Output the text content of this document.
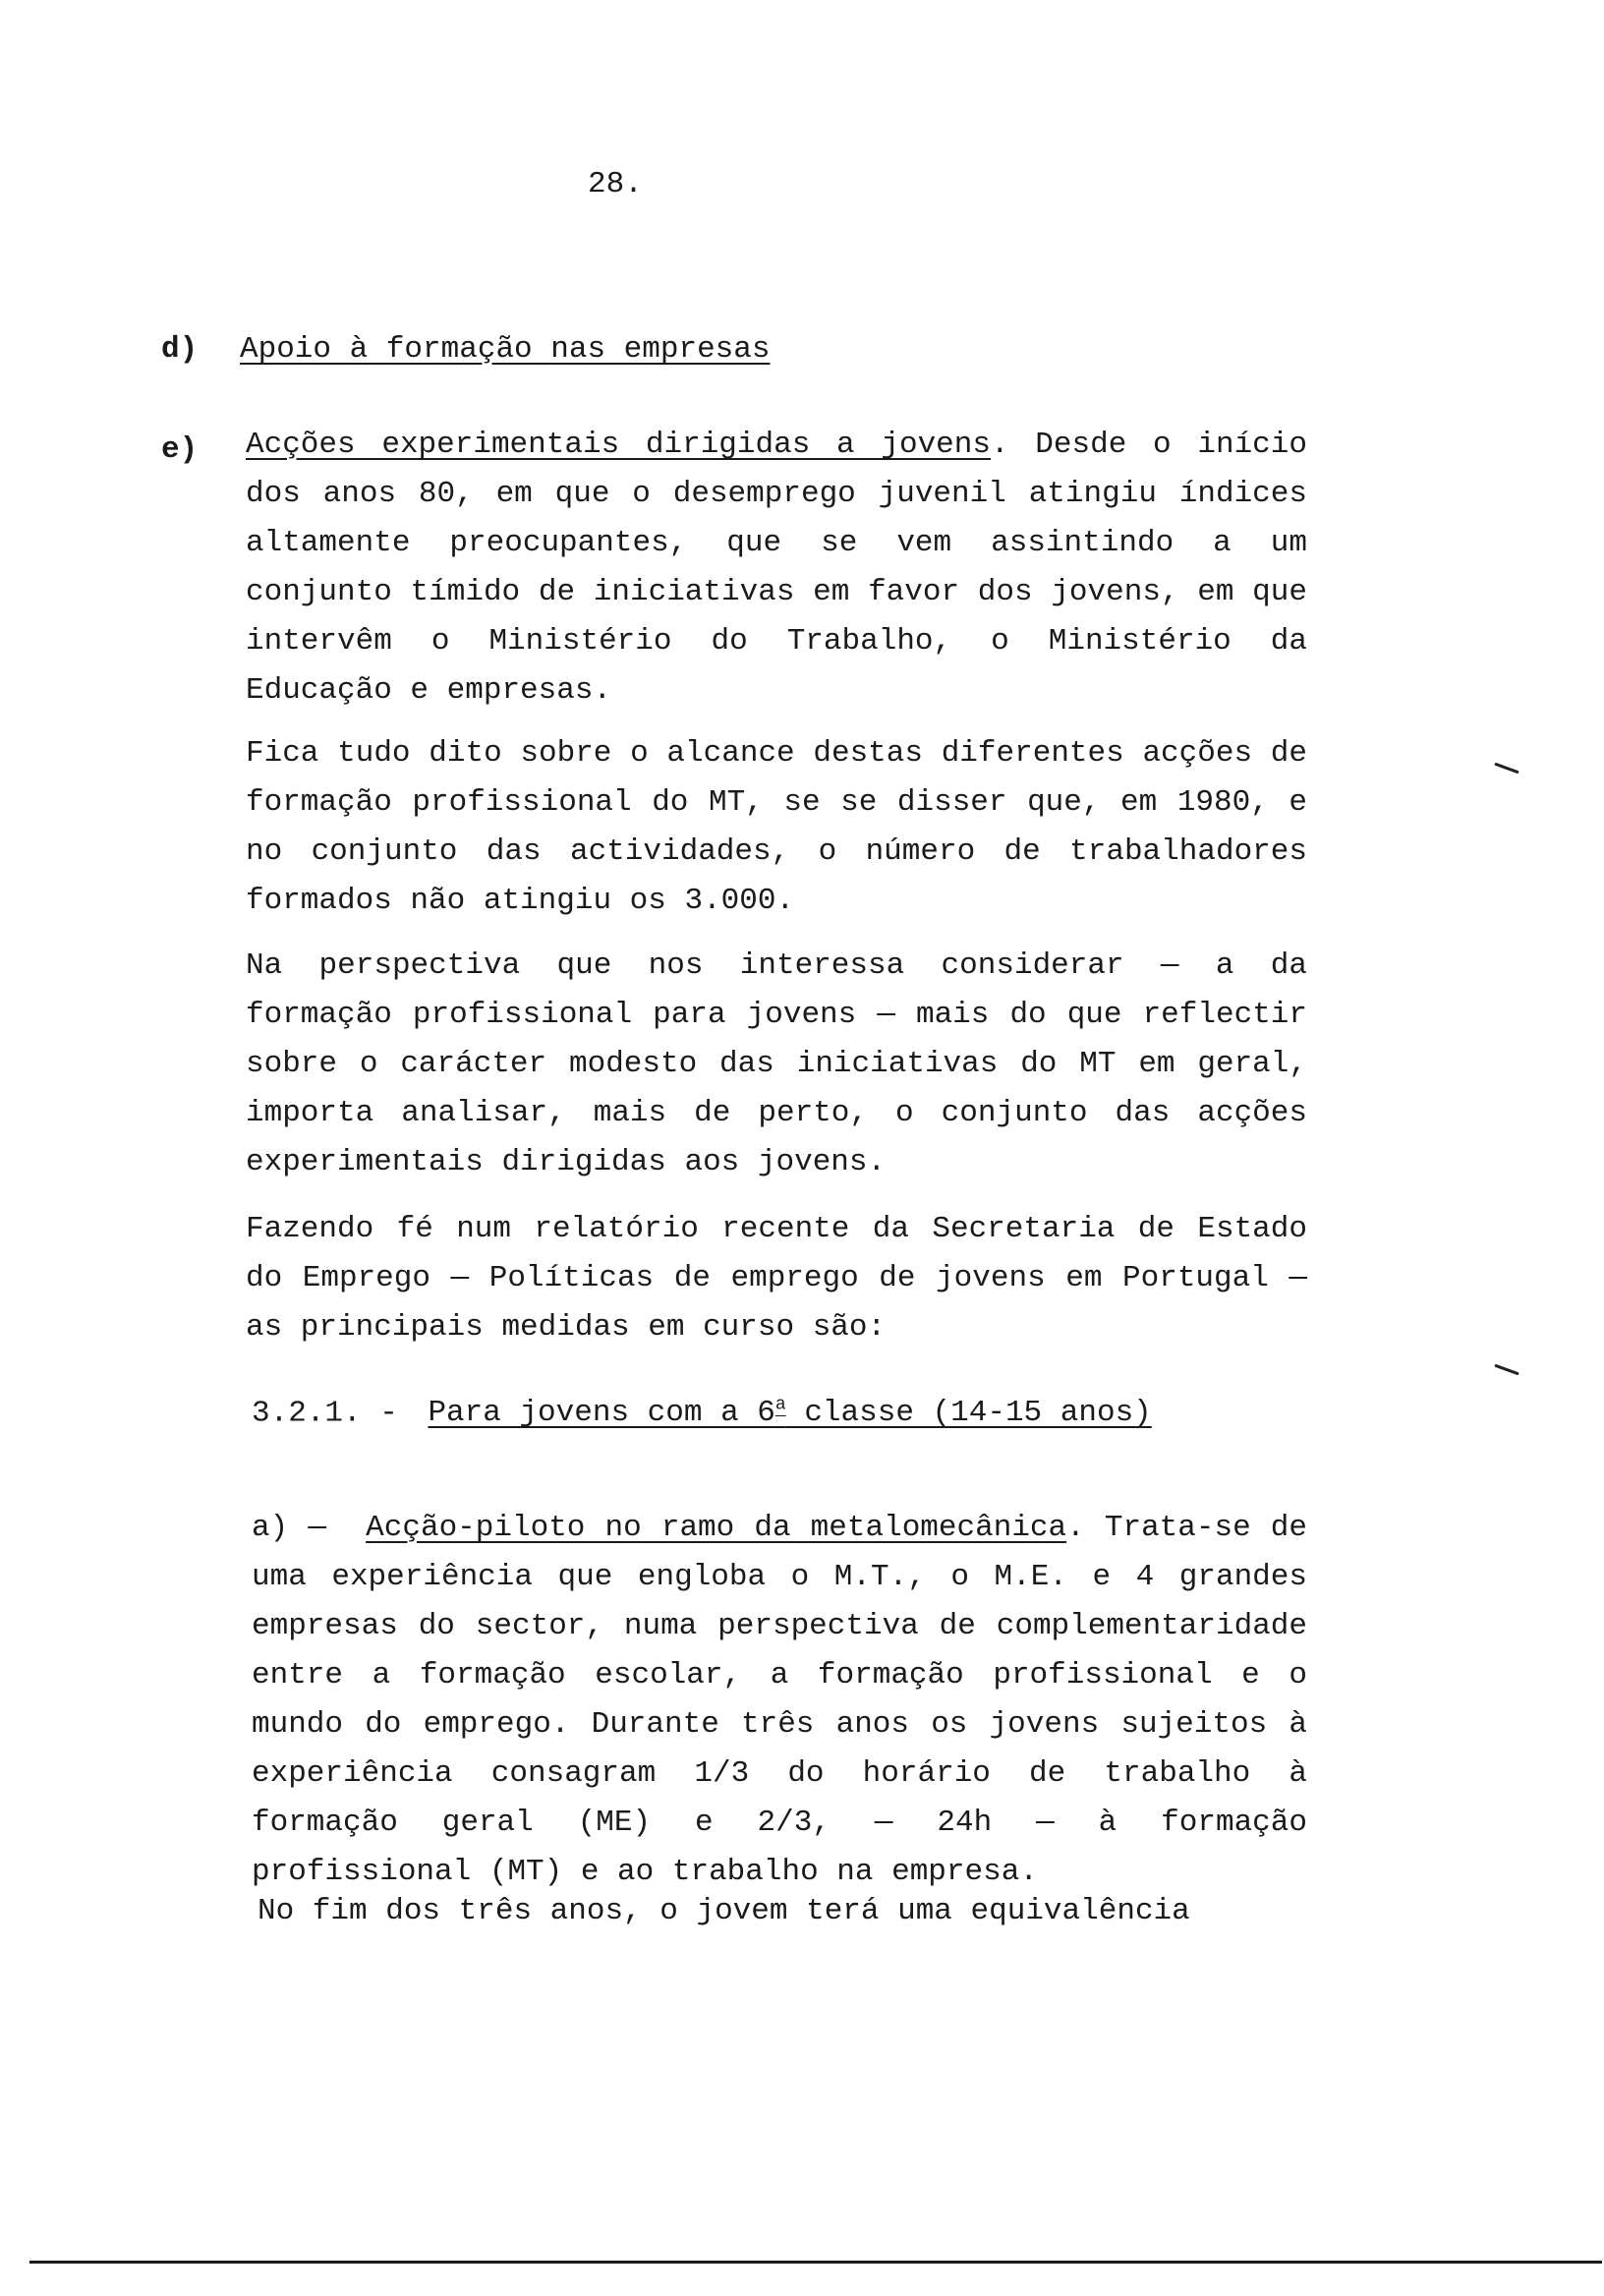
28.
d) Apoio à formação nas empresas
e) Acções experimentais dirigidas a jovens. Desde o início dos anos 80, em que o desemprego juvenil atingiu índices altamente preocupantes, que se vem assintindo a um conjunto tímido de iniciativas em favor dos jovens, em que intervêm o Ministério do Trabalho, o Ministério da Educação e empresas.

Fica tudo dito sobre o alcance destas diferentes acções de formação profissional do MT, se se disser que, em 1980, e no conjunto das actividades, o número de trabalhadores formados não atingiu os 3.000.

Na perspectiva que nos interessa considerar — a da formação profissional para jovens — mais do que reflectir sobre o carácter modesto das iniciativas do MT em geral, importa analisar, mais de perto, o conjunto das acções experimentais dirigidas aos jovens.

Fazendo fé num relatório recente da Secretaria de Estado do Emprego — Políticas de emprego de jovens em Portugal — as principais medidas em curso são:

3.2.1. - Para jovens com a 6$^a$ classe (14-15 anos)

a) — Acção-piloto no ramo da metalomecânica. Trata-se de uma experiência que engloba o M.T., o M.E. e 4 grandes empresas do sector, numa perspectiva de complementaridade entre a formação escolar, a formação profissional e o mundo do emprego. Durante três anos os jovens sujeitos à experiência consagram 1/3 do horário de trabalho à formação geral (ME) e 2/3, — 24h — à formação profissional (MT) e ao trabalho na empresa.

No fim dos três anos, o jovem terá uma equivalência
